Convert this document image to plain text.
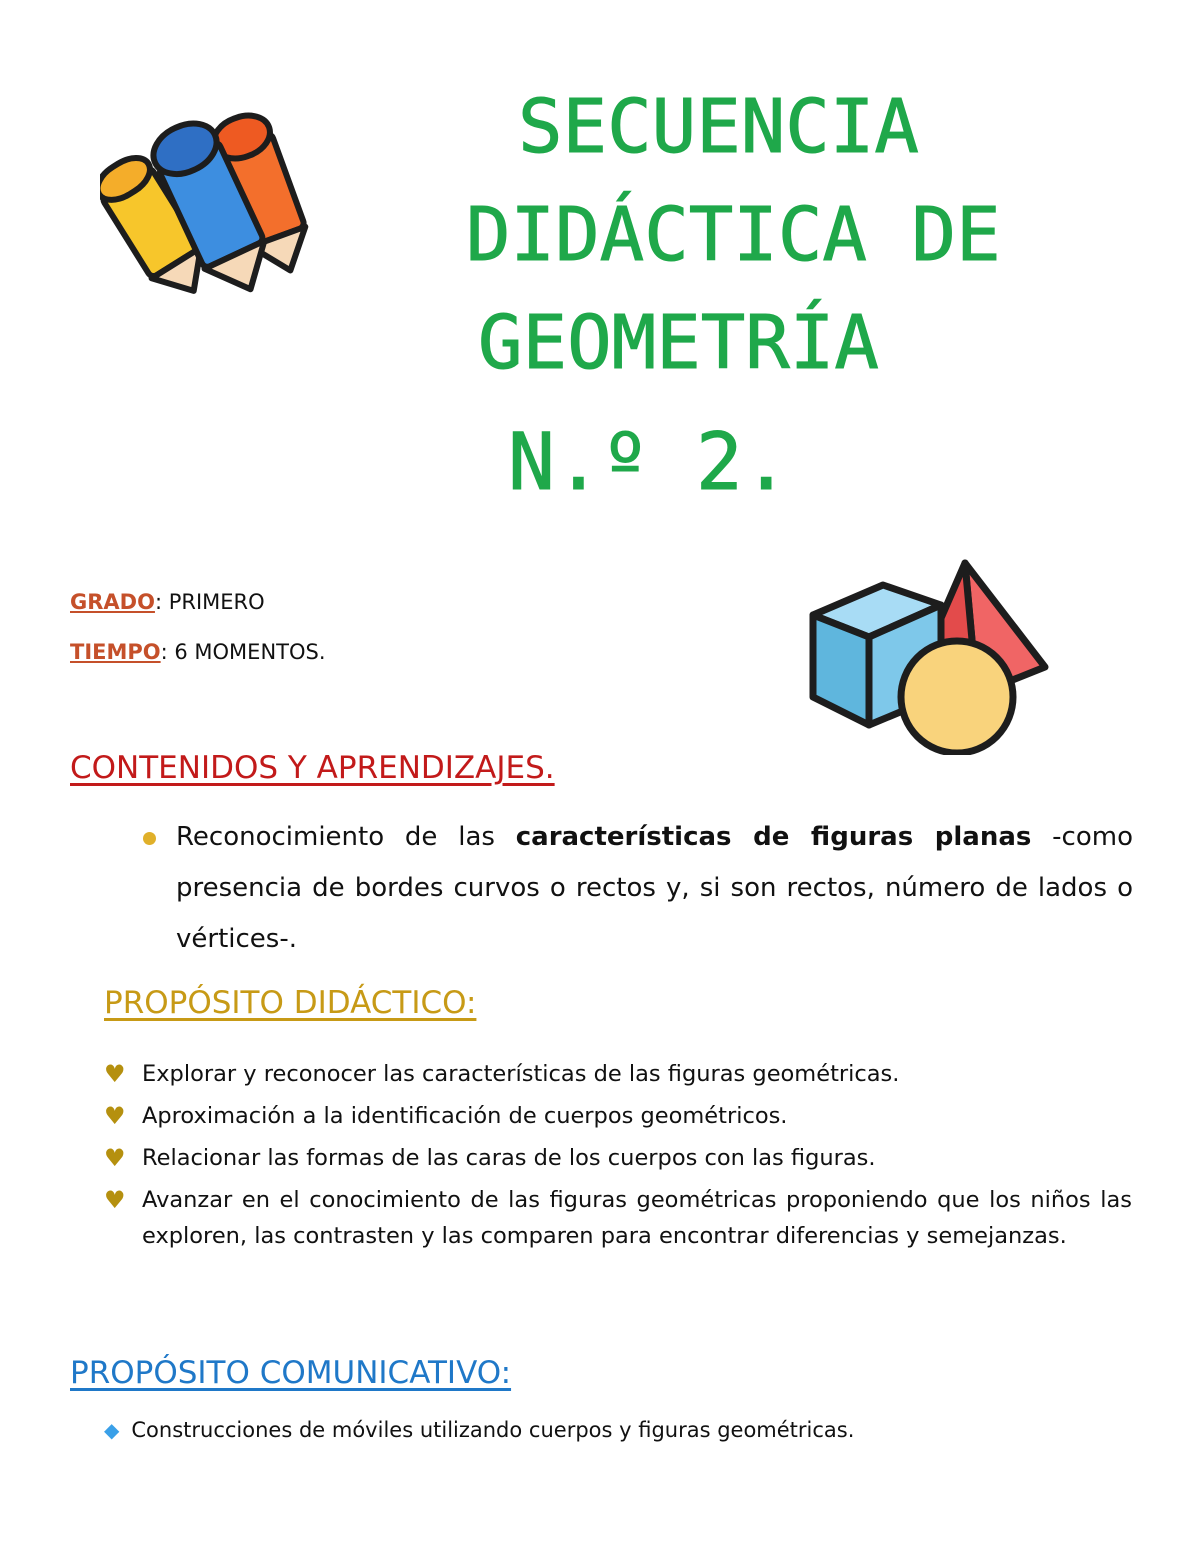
SECUENCIA
DIDÁCTICA DE
GEOMETRÍA
N.º 2.
GRADO: PRIMERO
TIEMPO: 6 MOMENTOS.
CONTENIDOS Y APRENDIZAJES.
Reconocimiento de las características de figuras planas -como presencia de bordes curvos o rectos y, si son rectos, número de lados o vértices-.
PROPÓSITO DIDÁCTICO:
♥ Explorar y reconocer las características de las figuras geométricas.
♥ Aproximación a la identificación de cuerpos geométricos.
♥ Relacionar las formas de las caras de los cuerpos con las figuras.
♥ Avanzar en el conocimiento de las figuras geométricas proponiendo que los niños las exploren, las contrasten y las comparen para encontrar diferencias y semejanzas.
PROPÓSITO COMUNICATIVO:
◆ Construcciones de móviles utilizando cuerpos y figuras geométricas.
